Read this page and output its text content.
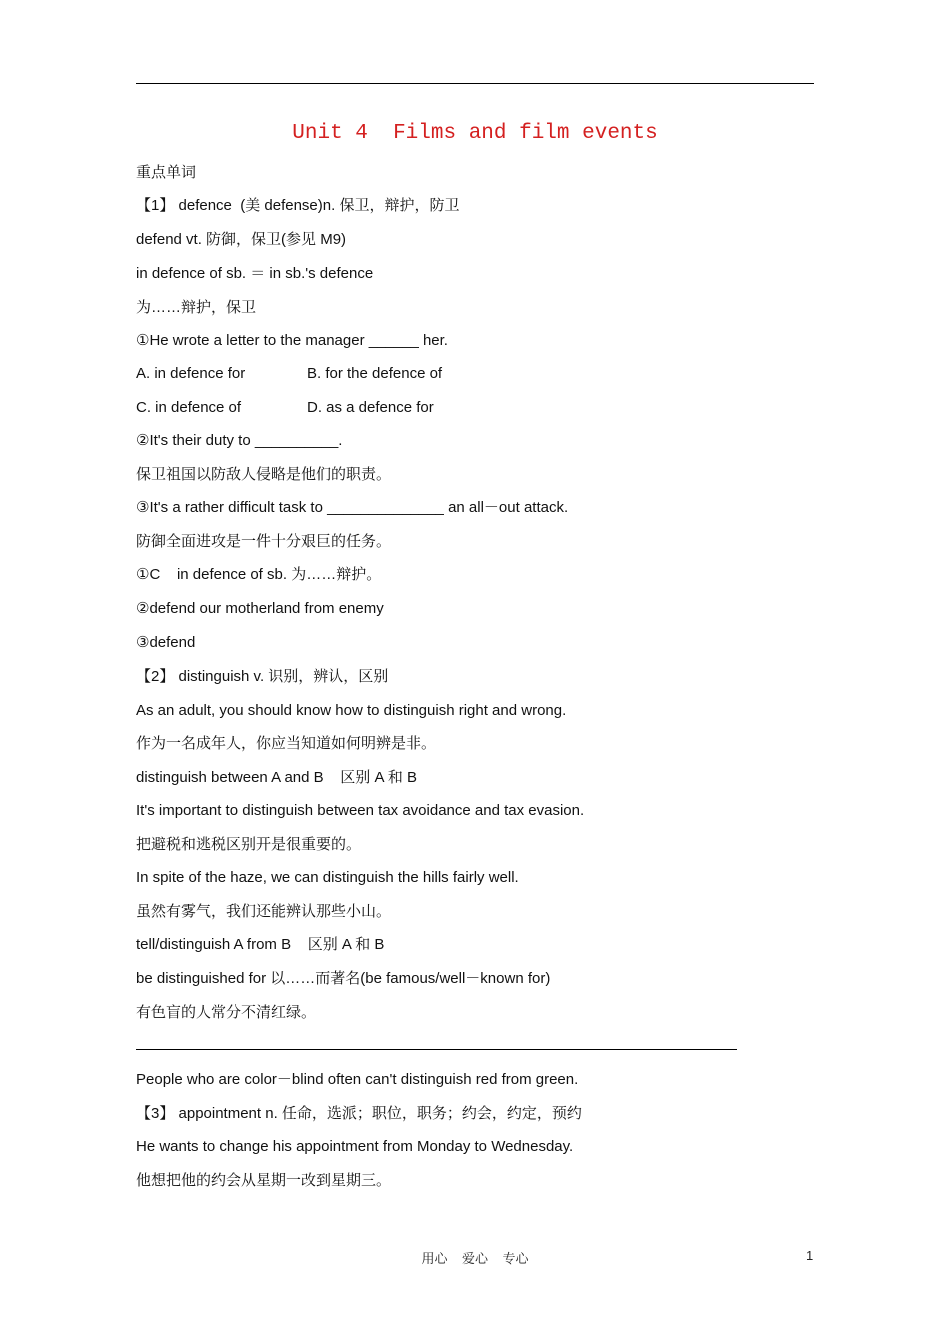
Unit 4  Films and film events
重点单词
【1】 defence  (美 defense)n. 保卫，辩护，防卫
defend vt. 防御，保卫(参见 M9)
in defence of sb. ＝ in sb.'s defence
为……辩护，保卫
①He wrote a letter to the manager ______ her.
A. in defence for	B. for the defence of
C. in defence of	D. as a defence for
②It's their duty to __________.
保卫祖国以防敌人侵略是他们的职责。
③It's a rather difficult task to ______________ an all－out attack.
防御全面进攻是一件十分艰巨的任务。
①C    in defence of sb. 为……辩护。
②defend our motherland from enemy
③defend
【2】 distinguish v. 识别，辨认，区别
As an adult, you should know how to distinguish right and wrong.
作为一名成年人，你应当知道如何明辨是非。
distinguish between A and B    区别 A 和 B
It's important to distinguish between tax avoidance and tax evasion.
把避税和逃税区别开是很重要的。
In spite of the haze, we can distinguish the hills fairly well.
虽然有雾气，我们还能辨认那些小山。
tell/distinguish A from B    区别 A 和 B
be distinguished for 以……而著名(be famous/well－known for)
有色盲的人常分不清红绿。
People who are color－blind often can't distinguish red from green.
【3】 appointment n. 任命，选派；职位，职务；约会，约定，预约
He wants to change his appointment from Monday to Wednesday.
他想把他的约会从星期一改到星期三。
用心    爱心    专心	1
